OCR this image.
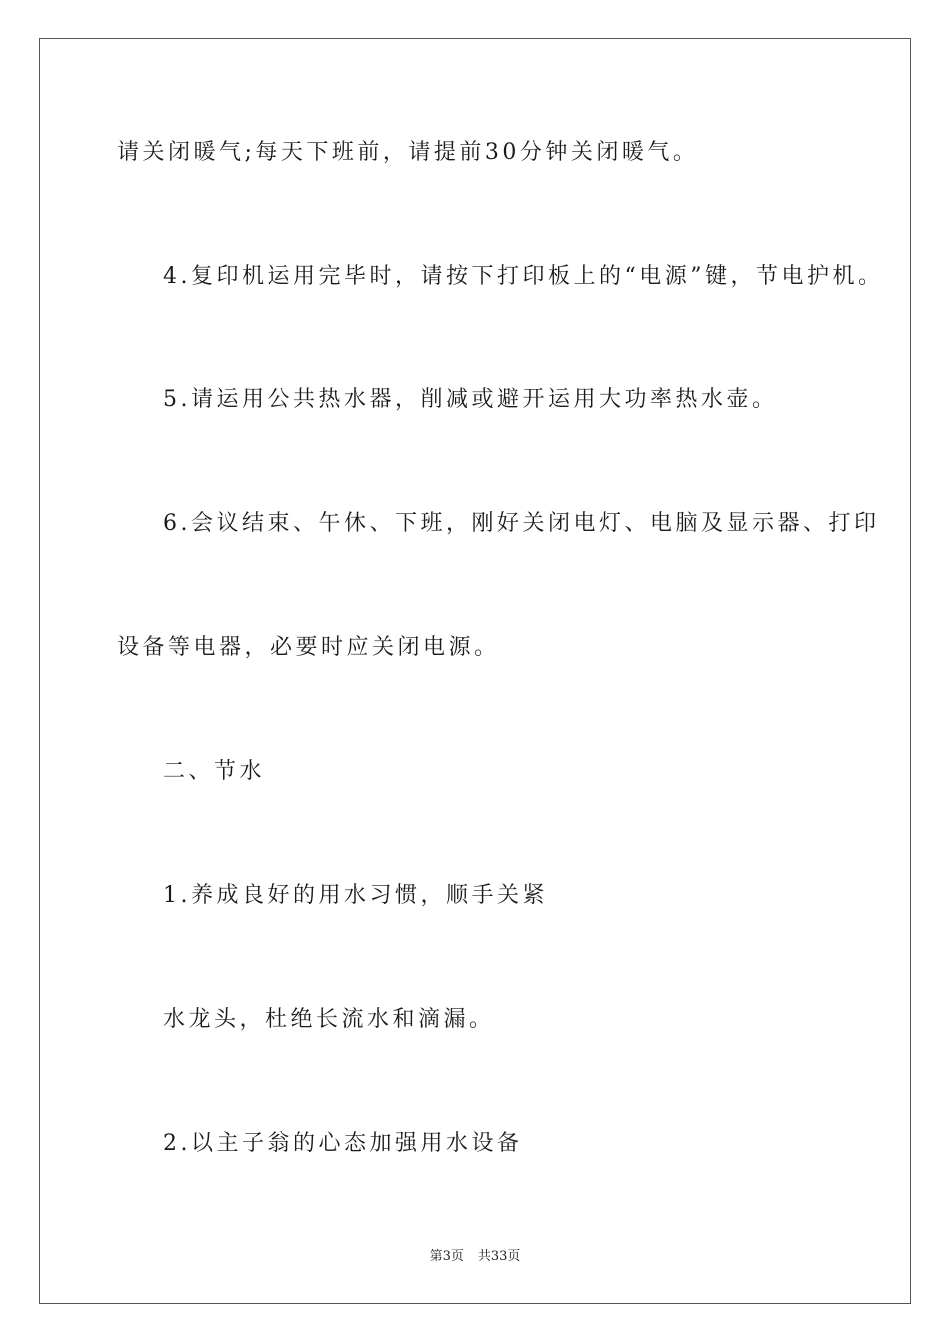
请关闭暖气;每天下班前，请提前30分钟关闭暖气。
4.复印机运用完毕时，请按下打印板上的“电源”键，节电护机。
5.请运用公共热水器，削减或避开运用大功率热水壶。
6.会议结束、午休、下班，刚好关闭电灯、电脑及显示器、打印
设备等电器，必要时应关闭电源。
二、节水
1.养成良好的用水习惯，顺手关紧
水龙头，杜绝长流水和滴漏。
2.以主子翁的心态加强用水设备
第3页 共33页
